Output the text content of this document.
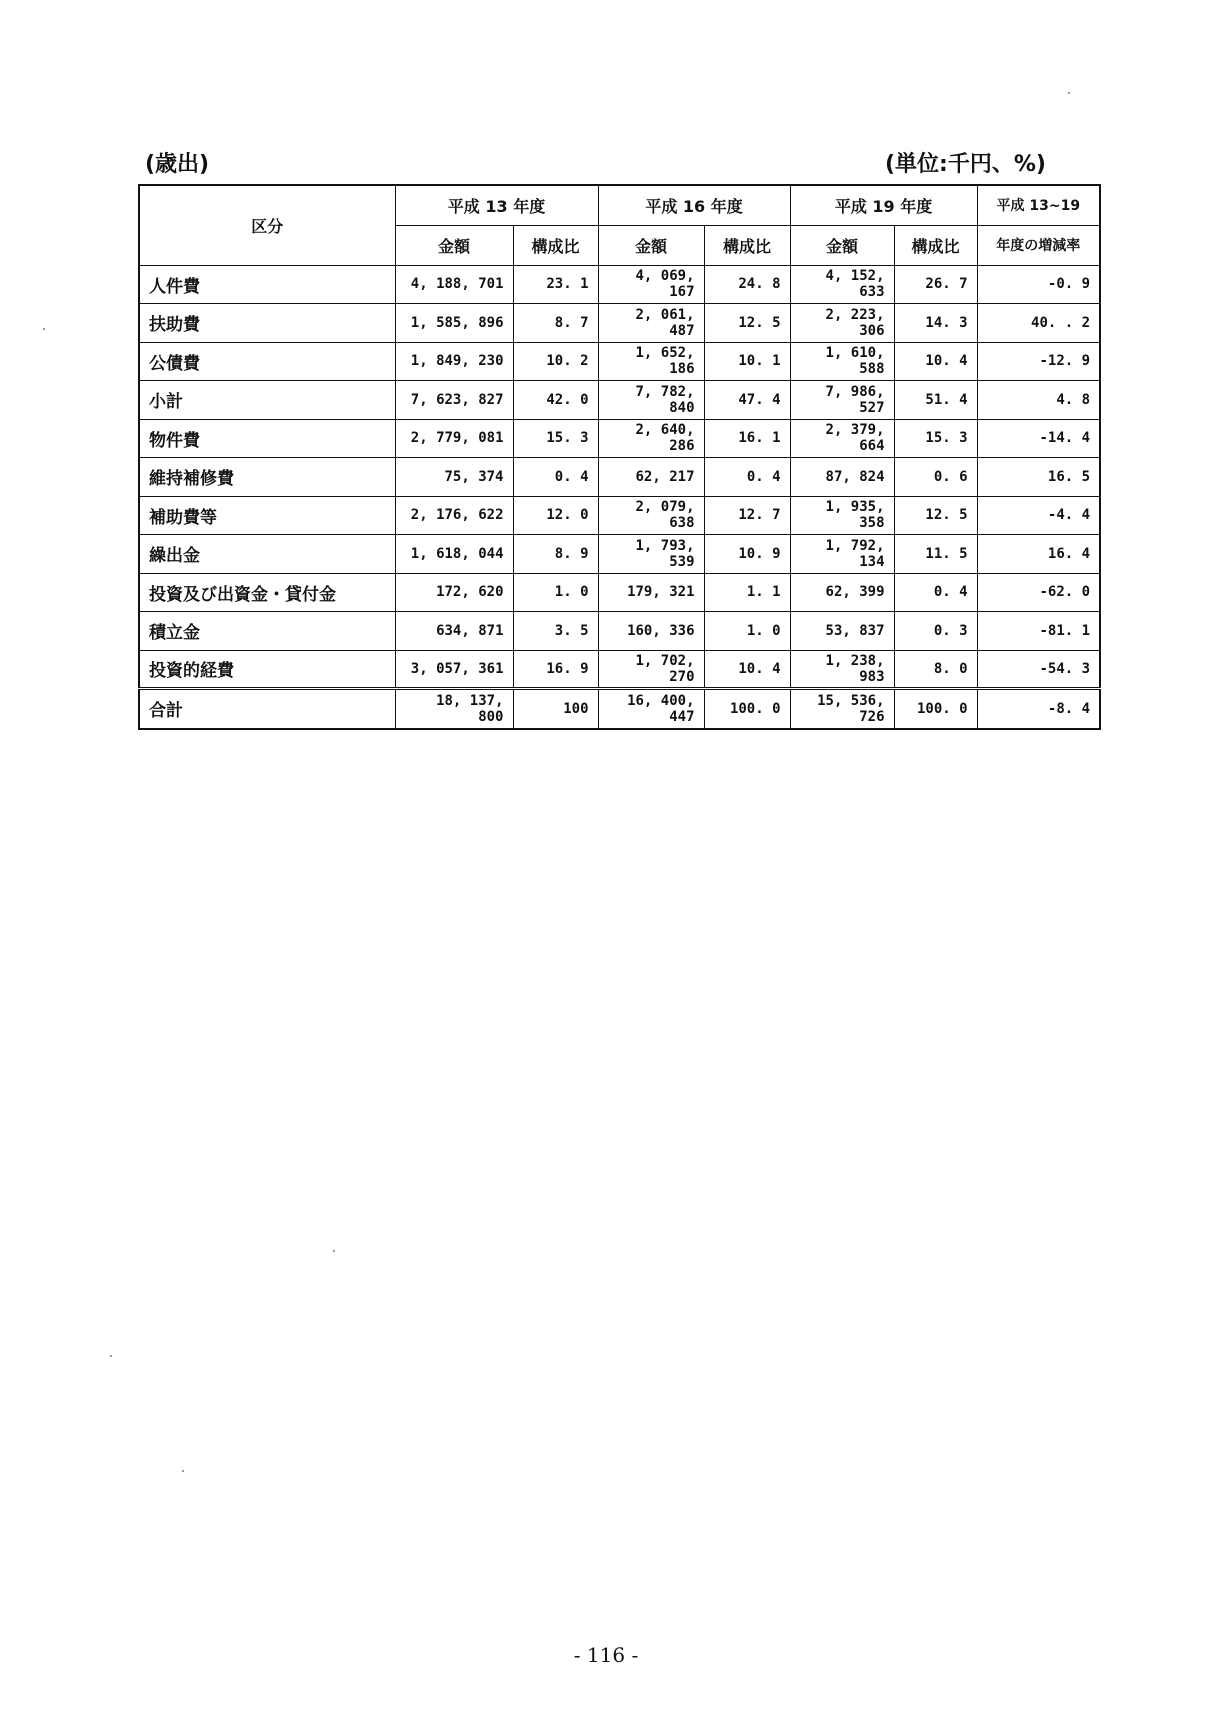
(歳出)	(単位:千円、%)
区分	平成 13 年度		平成 16 年度		平成 19 年度		平成 13~19
	金額	構成比	金額	構成比	金額	構成比	年度の増減率
人件費	4, 188, 701	23. 1	4, 069, 167	24. 8	4, 152, 633	26. 7	-0. 9
扶助費	1, 585, 896	8. 7	2, 061, 487	12. 5	2, 223, 306	14. 3	40. . 2
公債費	1, 849, 230	10. 2	1, 652, 186	10. 1	1, 610, 588	10. 4	-12. 9
小計	7, 623, 827	42. 0	7, 782, 840	47. 4	7, 986, 527	51. 4	4. 8
物件費	2, 779, 081	15. 3	2, 640, 286	16. 1	2, 379, 664	15. 3	-14. 4
維持補修費	75, 374	0. 4	62, 217	0. 4	87, 824	0. 6	16. 5
補助費等	2, 176, 622	12. 0	2, 079, 638	12. 7	1, 935, 358	12. 5	-4. 4
繰出金	1, 618, 044	8. 9	1, 793, 539	10. 9	1, 792, 134	11. 5	16. 4
投資及び出資金・貸付金	172, 620	1. 0	179, 321	1. 1	62, 399	0. 4	-62. 0
積立金	634, 871	3. 5	160, 336	1. 0	53, 837	0. 3	-81. 1
投資的経費	3, 057, 361	16. 9	1, 702, 270	10. 4	1, 238, 983	8. 0	-54. 3
合計	18, 137, 800	100	16, 400, 447	100. 0	15, 536, 726	100. 0	-8. 4
- 116 -
